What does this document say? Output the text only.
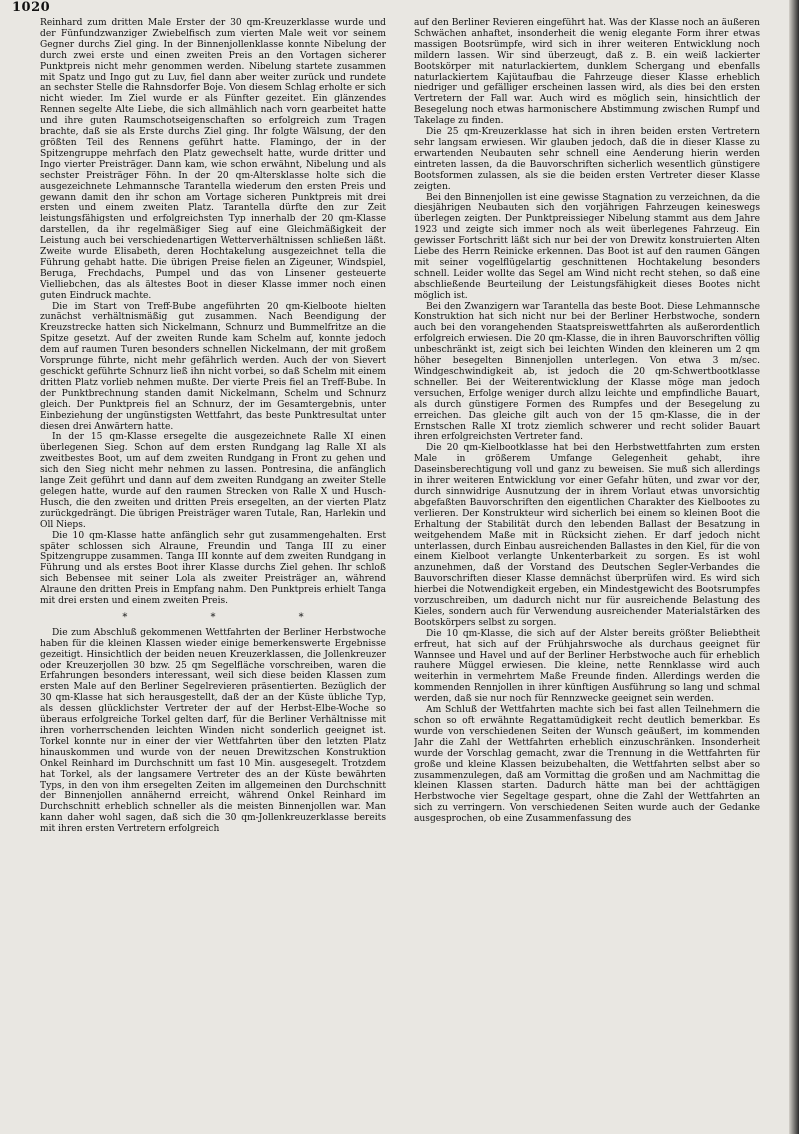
1020

Reinhard zum dritten Male Erster der 30 qm-Kreuzerklasse wurde und der Fünfundzwanziger Zwiebelfisch zum vierten Male weit vor seinem Gegner durchs Ziel ging. In der Binnenjollenklasse konnte Nibelung der durch zwei erste und einen zweiten Preis an den Vortagen sicherer Punktpreis nicht mehr genommen werden. Nibelung startete zusammen mit Spatz und Ingo gut zu Luv, fiel dann aber weiter zurück und rundete an sechster Stelle die Rahnsdorfer Boje. Von diesem Schlag erholte er sich nicht wieder. Im Ziel wurde er als Fünfter gezeitet. Ein glänzendes Rennen segelte Alte Liebe, die sich allmählich nach vorn gearbeitet hatte und ihre guten Raumschotseigenschaften so erfolgreich zum Tragen brachte, daß sie als Erste durchs Ziel ging. Ihr folgte Wälsung, der den größten Teil des Rennens geführt hatte. Flamingo, der in der Spitzengruppe mehrfach den Platz gewechselt hatte, wurde dritter und Ingo vierter Preisträger. Dann kam, wie schon erwähnt, Nibelung und als sechster Preisträger Föhn. In der 20 qm-Altersklasse holte sich die ausgezeichnete Lehmannsche Tarantella wiederum den ersten Preis und gewann damit den ihr schon am Vortage sicheren Punktpreis mit drei ersten und einem zweiten Platz. Tarantella dürfte den zur Zeit leistungsfähigsten und erfolgreichsten Typ innerhalb der 20 qm-Klasse darstellen, da ihr regelmäßiger Sieg auf eine Gleichmäßigkeit der Leistung auch bei verschiedenartigen Wetterverhältnissen schließen läßt. Zweite wurde Elisabeth, deren Hochtakelung ausgezeichnet tella die Führung gehabt hatte. Die übrigen Preise fielen an Zigeuner, Windspiel, Beruga, Frechdachs, Pumpel und das von Linsener gesteuerte Vielliebchen, das als ältestes Boot in dieser Klasse immer noch einen guten Eindruck machte.

Die im Start von Treff-Bube angeführten 20 qm-Kielboote hielten zunächst verhältnismäßig gut zusammen. Nach Beendigung der Kreuzstrecke hatten sich Nickelmann, Schnurz und Bummelfritze an die Spitze gesetzt. Auf der zweiten Runde kam Schelm auf, konnte jedoch dem auf raumen Turen besonders schnellen Nickelmann, der mit großem Vorsprunge führte, nicht mehr gefährlich werden. Auch der von Sievert geschickt geführte Schnurz ließ ihn nicht vorbei, so daß Schelm mit einem dritten Platz vorlieb nehmen mußte. Der vierte Preis fiel an Treff-Bube. In der Punktbrechnung standen damit Nickelmann, Schelm und Schnurz gleich. Der Punktpreis fiel an Schnurz, der im Gesamtergebnis, unter Einbeziehung der ungünstigsten Wettfahrt, das beste Punktresultat unter diesen drei Anwärtern hatte.

In der 15 qm-Klasse ersegelte die ausgezeichnete Ralle XI einen überlegenen Sieg. Schon auf dem ersten Rundgang lag Ralle XI als zweitbestes Boot, um auf dem zweiten Rundgang in Front zu gehen und sich den Sieg nicht mehr nehmen zu lassen. Pontresina, die anfänglich lange Zeit geführt und dann auf dem zweiten Rundgang an zweiter Stelle gelegen hatte, wurde auf den raumen Strecken von Ralle X und Husch-Husch, die den zweiten und dritten Preis ersegelten, an der vierten Platz zurückgedrängt. Die übrigen Preisträger waren Tutale, Ran, Harlekin und Oll Nieps.

Die 10 qm-Klasse hatte anfänglich sehr gut zusammengehalten. Erst später schlossen sich Alraune, Freundin und Tanga III zu einer Spitzengruppe zusammen. Tanga III konnte auf dem zweiten Rundgang in Führung und als erstes Boot ihrer Klasse durchs Ziel gehen. Ihr schloß sich Bebensee mit seiner Lola als zweiter Preisträger an, während Alraune den dritten Preis in Empfang nahm. Den Punktpreis erhielt Tanga mit drei ersten und einem zweiten Preis.

* * *

Die zum Abschluß gekommenen Wettfahrten der Berliner Herbstwoche haben für die kleinen Klassen wieder einige bemerkenswerte Ergebnisse gezeitigt. Hinsichtlich der beiden neuen Kreuzerklassen, die Jollenkreuzer oder Kreuzerjollen 30 bzw. 25 qm Segelfläche vorschreiben, waren die Erfahrungen besonders interessant, weil sich diese beiden Klassen zum ersten Male auf den Berliner Segelrevieren präsentierten. Bezüglich der 30 qm-Klasse hat sich herausgestellt, daß der an der Küste übliche Typ, als dessen glücklichster Vertreter der auf der Herbst-Elbe-Woche so überaus erfolgreiche Torkel gelten darf, für die Berliner Verhältnisse mit ihren vorherrschenden leichten Winden nicht sonderlich geeignet ist. Torkel konnte nur in einer der vier Wettfahrten über den letzten Platz hinauskommen und wurde von der neuen Drewitzschen Konstruktion Onkel Reinhard im Durchschnitt um fast 10 Min. ausgesegelt. Trotzdem hat Torkel, als der langsamere Vertreter des an der Küste bewährten Typs, in den von ihm ersegelten Zeiten im allgemeinen den Durchschnitt der Binnenjollen annähernd erreicht, während Onkel Reinhard im Durchschnitt erheblich schneller als die meisten Binnenjollen war. Man kann daher wohl sagen, daß sich die 30 qm-Jollenkreuzerklasse bereits mit ihren ersten Vertretern erfolgreich

auf den Berliner Revieren eingeführt hat. Was der Klasse noch an äußeren Schwächen anhaftet, insonderheit die wenig elegante Form ihrer etwas massigen Bootsrümpfe, wird sich in ihrer weiteren Entwicklung noch mildern lassen. Wir sind überzeugt, daß z. B. ein weiß lackierter Bootskörper mit naturlackiertem, dunklem Schergang und ebenfalls naturlackiertem Kajütaufbau die Fahrzeuge dieser Klasse erheblich niedriger und gefälliger erscheinen lassen wird, als dies bei den ersten Vertretern der Fall war. Auch wird es möglich sein, hinsichtlich der Besegelung noch etwas harmonischere Abstimmung zwischen Rumpf und Takelage zu finden.

Die 25 qm-Kreuzerklasse hat sich in ihren beiden ersten Vertretern sehr langsam erwiesen. Wir glauben jedoch, daß die in dieser Klasse zu erwartenden Neubauten sehr schnell eine Aenderung hierin werden eintreten lassen, da die Bauvorschriften sicherlich wesentlich günstigere Bootsformen zulassen, als sie die beiden ersten Vertreter dieser Klasse zeigten.

Bei den Binnenjollen ist eine gewisse Stagnation zu verzeichnen, da die diesjährigen Neubauten sich den vorjährigen Fahrzeugen keineswegs überlegen zeigten. Der Punktpreissieger Nibelung stammt aus dem Jahre 1923 und zeigte sich immer noch als weit überlegenes Fahrzeug. Ein gewisser Fortschritt läßt sich nur bei der von Drewitz konstruierten Alten Liebe des Herrn Reinicke erkennen. Das Boot ist auf den raumen Gängen mit seiner vogelflügelartig geschnittenen Hochtakelung besonders schnell. Leider wollte das Segel am Wind nicht recht stehen, so daß eine abschließende Beurteilung der Leistungsfähigkeit dieses Bootes nicht möglich ist.

Bei den Zwanzigern war Tarantella das beste Boot. Diese Lehmannsche Konstruktion hat sich nicht nur bei der Berliner Herbstwoche, sondern auch bei den vorangehenden Staatspreiswettfahrten als außerordentlich erfolgreich erwiesen. Die 20 qm-Klasse, die in ihren Bauvorschriften völlig unbeschränkt ist, zeigt sich bei leichten Winden den kleineren um 2 qm höher besegelten Binnenjollen unterlegen. Von etwa 3 m/sec. Windgeschwindigkeit ab, ist jedoch die 20 qm-Schwertbootklasse schneller. Bei der Weiterentwicklung der Klasse möge man jedoch versuchen, Erfolge weniger durch allzu leichte und empfindliche Bauart, als durch günstigere Formen des Rumpfes und der Besegelung zu erreichen. Das gleiche gilt auch von der 15 qm-Klasse, die in der Ernstschen Ralle XI trotz ziemlich schwerer und recht solider Bauart ihren erfolgreichsten Vertreter fand.

Die 20 qm-Kielbootklasse hat bei den Herbstwettfahrten zum ersten Male in größerem Umfange Gelegenheit gehabt, ihre Daseinsberechtigung voll und ganz zu beweisen. Sie muß sich allerdings in ihrer weiteren Entwicklung vor einer Gefahr hüten, und zwar vor der, durch sinnwidrige Ausnutzung der in ihrem Vorlaut etwas unvorsichtig abgefaßten Bauvorschriften den eigentlichen Charakter des Kielbootes zu verlieren. Der Konstrukteur wird sicherlich bei einem so kleinen Boot die Erhaltung der Stabilität durch den lebenden Ballast der Besatzung in weitgehendem Maße mit in Rücksicht ziehen. Er darf jedoch nicht unterlassen, durch Einbau ausreichenden Ballastes in den Kiel, für die von einem Kielboot verlangte Unkenterbarkeit zu sorgen. Es ist wohl anzunehmen, daß der Vorstand des Deutschen Segler-Verbandes die Bauvorschriften dieser Klasse demnächst überprüfen wird. Es wird sich hierbei die Notwendigkeit ergeben, ein Mindestgewicht des Bootsrumpfes vorzuschreiben, um dadurch nicht nur für ausreichende Belastung des Kieles, sondern auch für Verwendung ausreichender Materialstärken des Bootskörpers selbst zu sorgen.

Die 10 qm-Klasse, die sich auf der Alster bereits größter Beliebtheit erfreut, hat sich auf der Frühjahrswoche als durchaus geeignet für Wannsee und Havel und auf der Berliner Herbstwoche auch für erheblich rauhere Müggel erwiesen. Die kleine, nette Rennklasse wird auch weiterhin in vermehrtem Maße Freunde finden. Allerdings werden die kommenden Rennjollen in ihrer künftigen Ausführung so lang und schmal werden, daß sie nur noch für Rennzwecke geeignet sein werden.

Am Schluß der Wettfahrten machte sich bei fast allen Teilnehmern die schon so oft erwähnte Regattamüdigkeit recht deutlich bemerkbar. Es wurde von verschiedenen Seiten der Wunsch geäußert, im kommenden Jahr die Zahl der Wettfahrten erheblich einzuschränken. Insonderheit wurde der Vorschlag gemacht, zwar die Trennung in die Wettfahrten für große und kleine Klassen beizubehalten, die Wettfahrten selbst aber so zusammenzulegen, daß am Vormittag die großen und am Nachmittag die kleinen Klassen starten. Dadurch hätte man bei der achttägigen Herbstwoche vier Segeltage gespart, ohne die Zahl der Wettfahrten an sich zu verringern. Von verschiedenen Seiten wurde auch der Gedanke ausgesprochen, ob eine Zusammenfassung des
